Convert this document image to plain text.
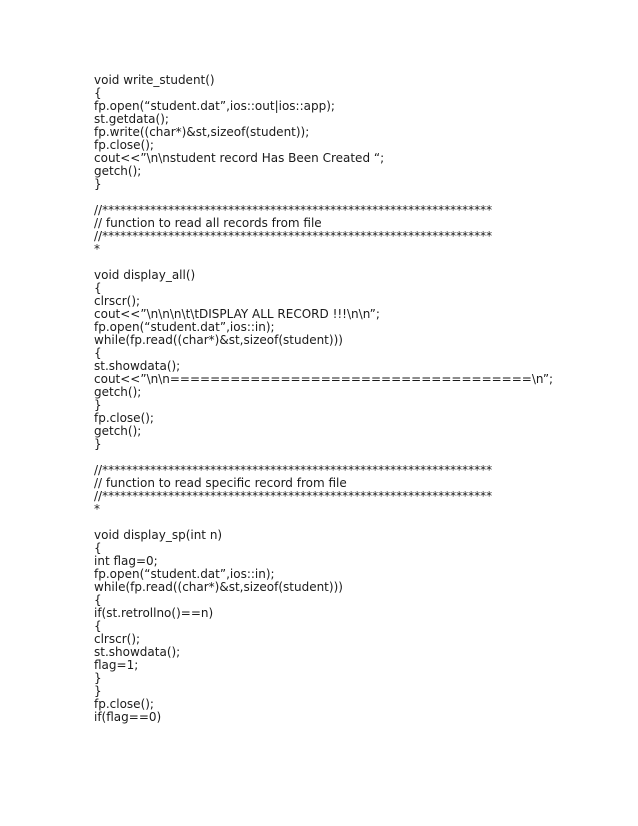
void write_student()
{
fp.open(“student.dat”,ios::out|ios::app);
st.getdata();
fp.write((char*)&st,sizeof(student));
fp.close();
cout<<”\n\nstudent record Has Been Created “;
getch();
}
//*****************************************************************
// function to read all records from file
//*****************************************************************
*
void display_all()
{
clrscr();
cout<<”\n\n\n\t\tDISPLAY ALL RECORD !!!\n\n”;
fp.open(“student.dat”,ios::in);
while(fp.read((char*)&st,sizeof(student)))
{
st.showdata();
cout<<”\n\n====================================\n”;
getch();
}
fp.close();
getch();
}
//*****************************************************************
// function to read specific record from file
//*****************************************************************
*
void display_sp(int n)
{
int flag=0;
fp.open(“student.dat”,ios::in);
while(fp.read((char*)&st,sizeof(student)))
{
if(st.retrollno()==n)
{
clrscr();
st.showdata();
flag=1;
}
}
fp.close();
if(flag==0)
